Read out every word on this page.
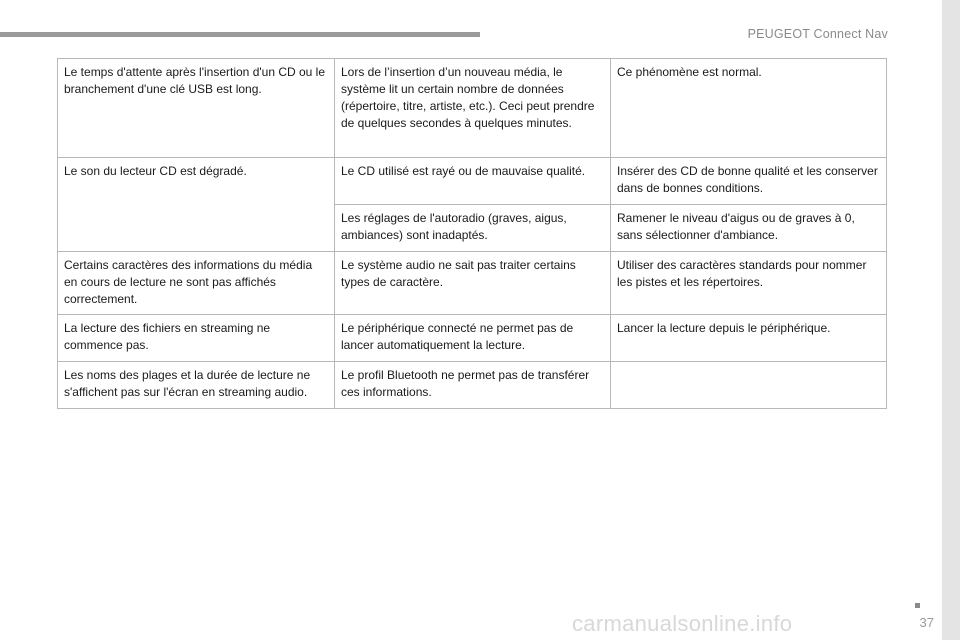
PEUGEOT Connect Nav
37
Le temps d'attente après l'insertion d'un CD ou le branchement d'une clé USB est long.	Lors de l’insertion d’un nouveau média, le système lit un certain nombre de données (répertoire, titre, artiste, etc.). Ceci peut prendre de quelques secondes à quelques minutes.	Ce phénomène est normal.
Le son du lecteur CD est dégradé.	Le CD utilisé est rayé ou de mauvaise qualité.	Insérer des CD de bonne qualité et les conserver dans de bonnes conditions.
	Les réglages de l'autoradio (graves, aigus, ambiances) sont inadaptés.	Ramener le niveau d'aigus ou de graves à 0, sans sélectionner d'ambiance.
Certains caractères des informations du média en cours de lecture ne sont pas affichés correctement.	Le système audio ne sait pas traiter certains types de caractère.	Utiliser des caractères standards pour nommer les pistes et les répertoires.
La lecture des fichiers en streaming ne commence pas.	Le périphérique connecté ne permet pas de lancer automatiquement la lecture.	Lancer la lecture depuis le périphérique.
Les noms des plages et la durée de lecture ne s'affichent pas sur l'écran en streaming audio.	Le profil Bluetooth ne permet pas de transférer ces informations.	
carmanualsonline.info
